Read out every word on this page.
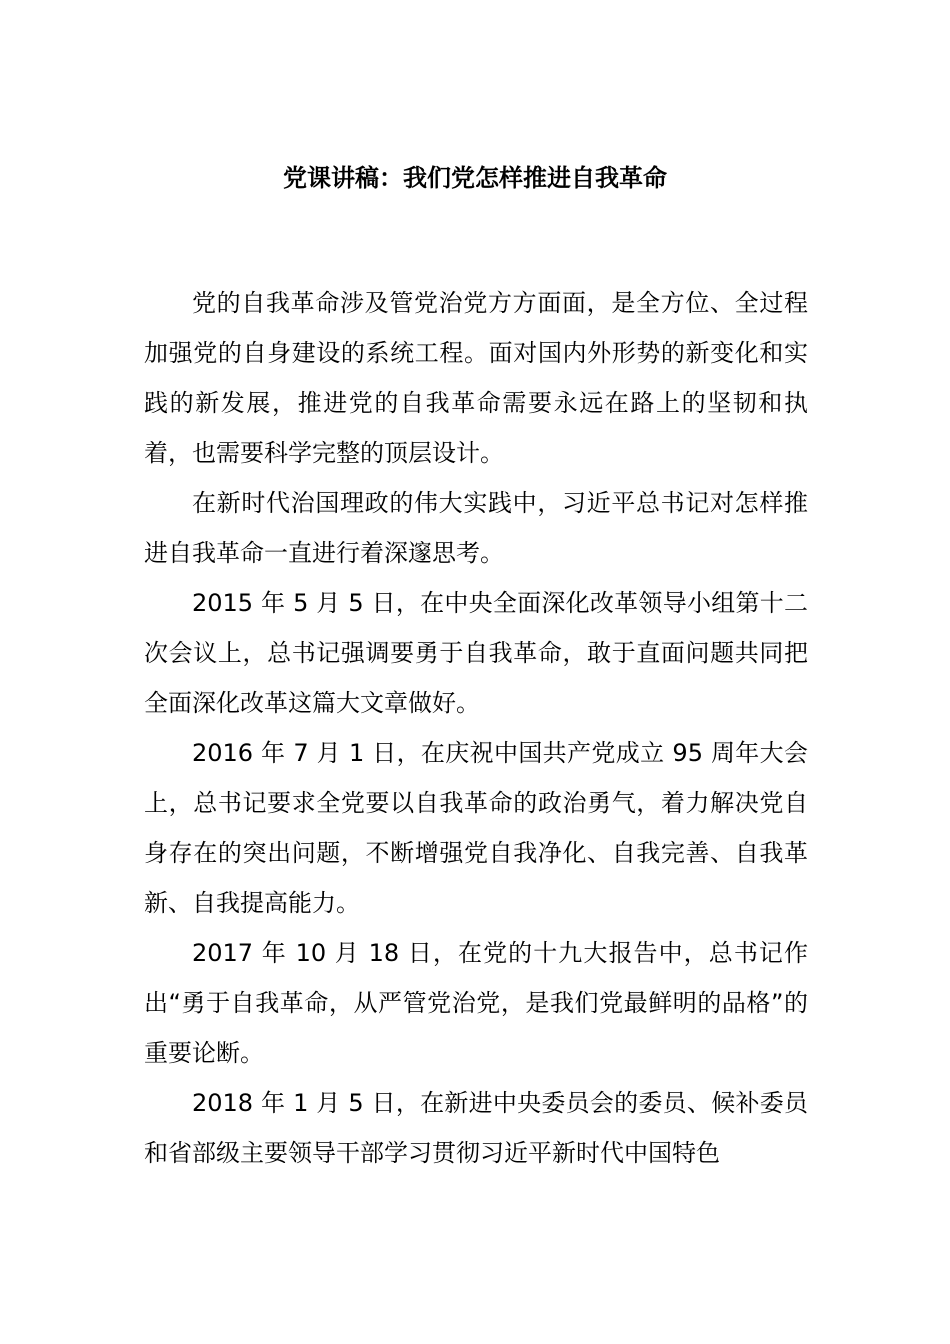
党课讲稿：我们党怎样推进自我革命

党的自我革命涉及管党治党方方面面，是全方位、全过程加强党的自身建设的系统工程。面对国内外形势的新变化和实践的新发展，推进党的自我革命需要永远在路上的坚韧和执着，也需要科学完整的顶层设计。

在新时代治国理政的伟大实践中，习近平总书记对怎样推进自我革命一直进行着深邃思考。

2015 年 5 月 5 日，在中央全面深化改革领导小组第十二次会议上，总书记强调要勇于自我革命，敢于直面问题共同把全面深化改革这篇大文章做好。

2016 年 7 月 1 日，在庆祝中国共产党成立 95 周年大会上，总书记要求全党要以自我革命的政治勇气，着力解决党自身存在的突出问题，不断增强党自我净化、自我完善、自我革新、自我提高能力。

2017 年 10 月 18 日，在党的十九大报告中，总书记作出“勇于自我革命，从严管党治党，是我们党最鲜明的品格”的重要论断。

2018 年 1 月 5 日，在新进中央委员会的委员、候补委员和省部级主要领导干部学习贯彻习近平新时代中国特色
